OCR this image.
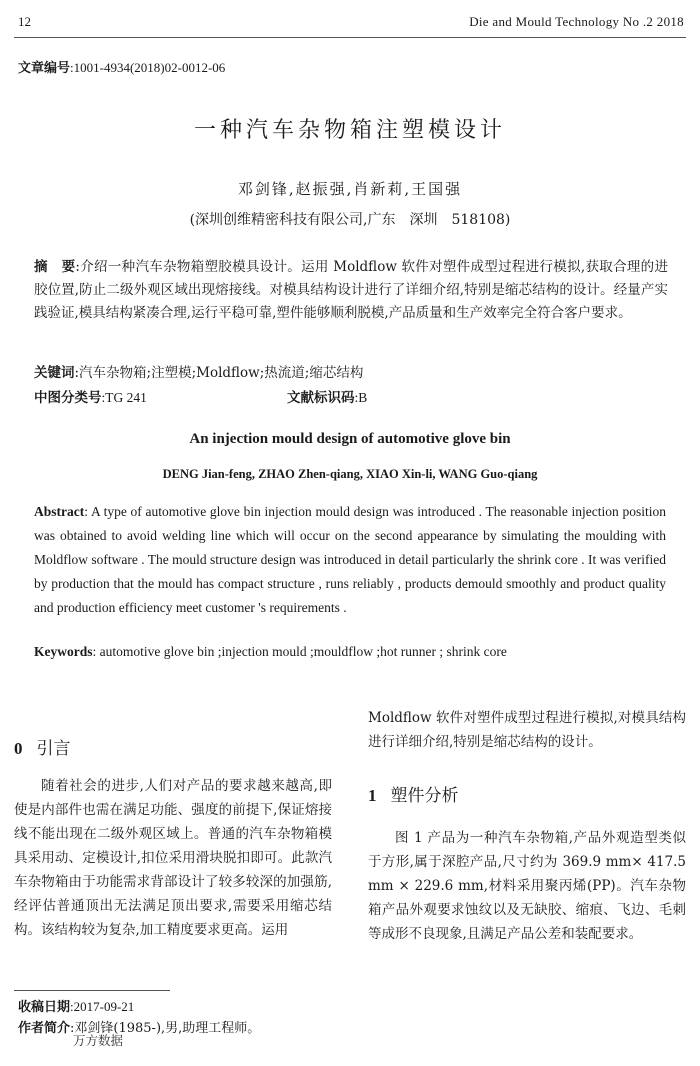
12	Die and Mould Technology No .2 2018
文章编号:1001-4934(2018)02-0012-06
一种汽车杂物箱注塑模设计
邓剑锋,赵振强,肖新莉,王国强
(深圳创维精密科技有限公司,广东　深圳　518108)
摘　要:介绍一种汽车杂物箱塑胶模具设计。运用 Moldflow 软件对塑件成型过程进行模拟,获取合理的进胶位置,防止二级外观区域出现熔接线。对模具结构设计进行了详细介绍,特别是缩芯结构的设计。经量产实践验证,模具结构紧凑合理,运行平稳可靠,塑件能够顺利脱模,产品质量和生产效率完全符合客户要求。
关键词:汽车杂物箱;注塑模;Moldflow;热流道;缩芯结构
中图分类号:TG 241	文献标识码:B
An injection mould design of automotive glove bin
DENG Jian-feng, ZHAO Zhen-qiang, XIAO Xin-li, WANG Guo-qiang
Abstract: A type of automotive glove bin injection mould design was introduced . The reasonable injection position was obtained to avoid welding line which will occur on the second appearance by simulating the moulding with Moldflow software . The mould structure design was introduced in detail particularly the shrink core . It was verified by production that the mould has compact structure , runs reliably , products demould smoothly and product quality and production efficiency meet customer 's requirements .
Keywords: automotive glove bin ;injection mould ;mouldflow ;hot runner ; shrink core
0 引言

随着社会的进步,人们对产品的要求越来越高,即使是内部件也需在满足功能、强度的前提下,保证熔接线不能出现在二级外观区域上。普通的汽车杂物箱模具采用动、定模设计,扣位采用滑块脱扣即可。此款汽车杂物箱由于功能需求背部设计了较多较深的加强筋,经评估普通顶出无法满足顶出要求,需要采用缩芯结构。该结构较为复杂,加工精度要求更高。运用

Moldflow 软件对塑件成型过程进行模拟,对模具结构进行详细介绍,特别是缩芯结构的设计。

1 塑件分析

图 1 产品为一种汽车杂物箱,产品外观造型类似于方形,属于深腔产品,尺寸约为 369.9 mm× 417.5 mm × 229.6 mm,材料采用聚丙烯(PP)。汽车杂物箱产品外观要求蚀纹以及无缺胶、缩痕、飞边、毛刺等成形不良现象,且满足产品公差和装配要求。

收稿日期:2017-09-21
作者简介:邓剑锋(1985-),男,助理工程师。
万方数据
